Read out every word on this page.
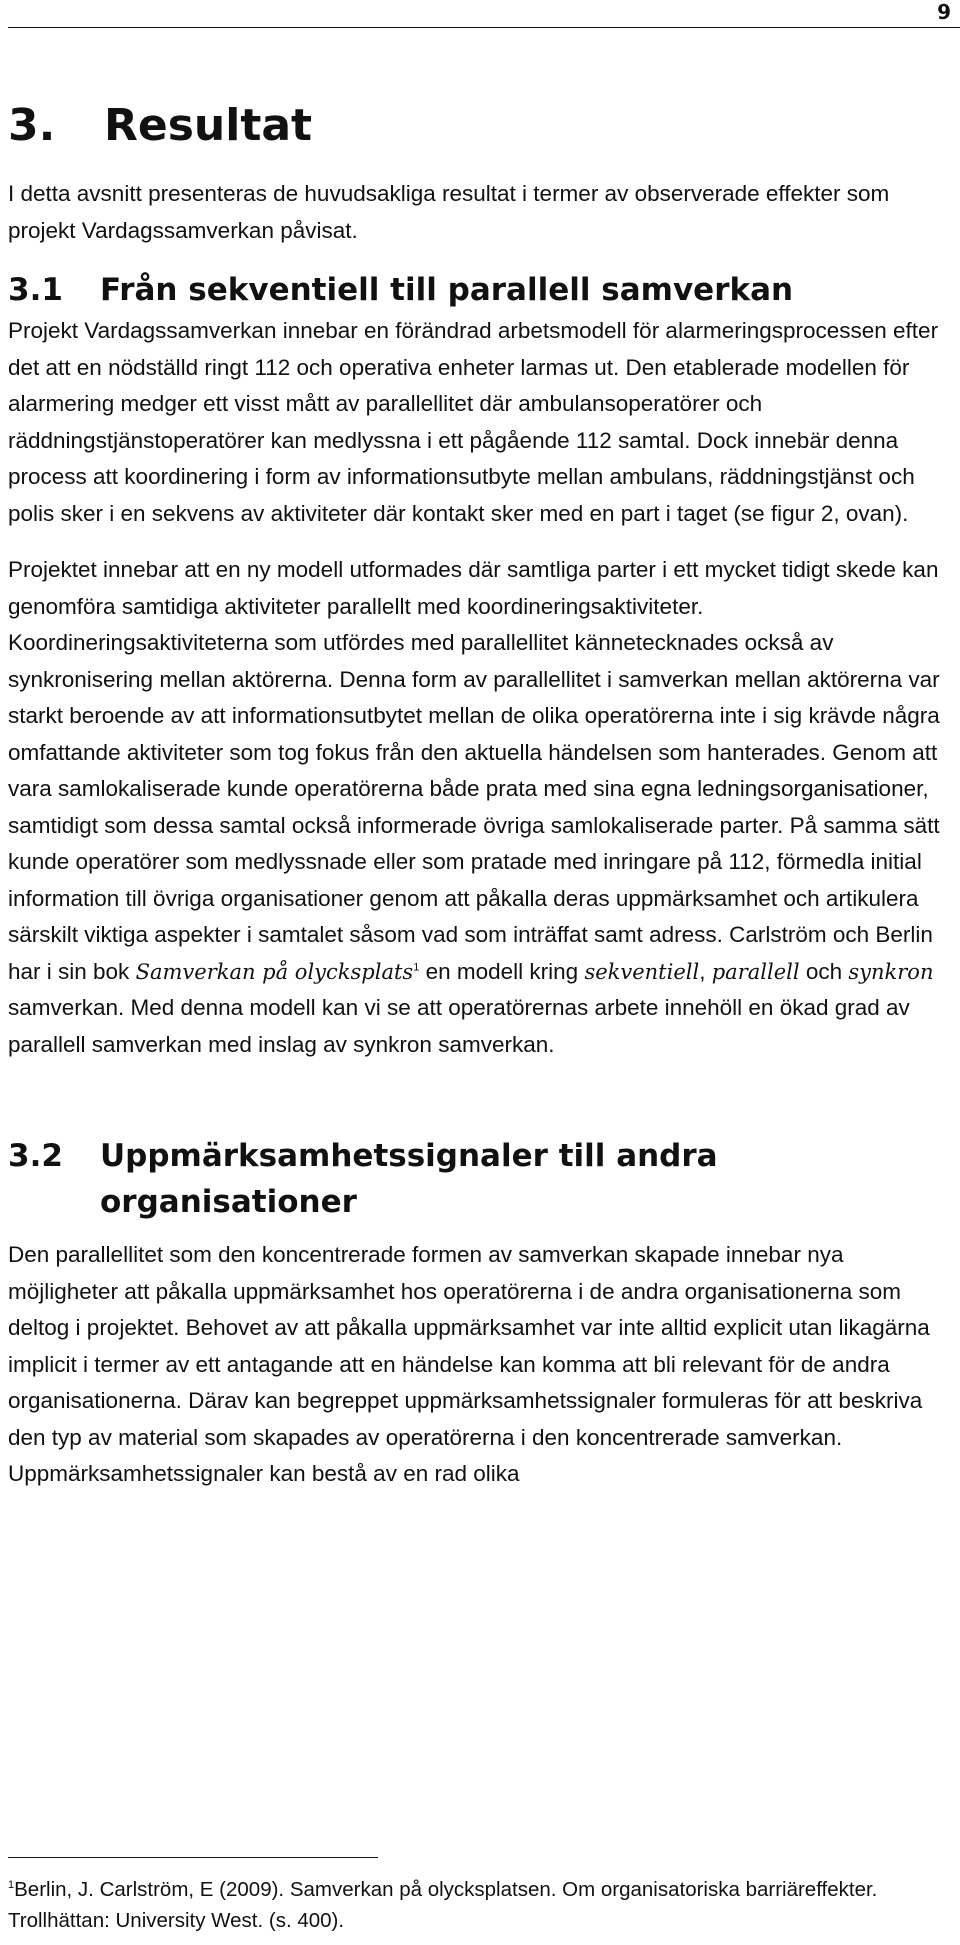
9
3.	Resultat

I detta avsnitt presenteras de huvudsakliga resultat i termer av observerade effekter som projekt Vardagssamverkan påvisat.

3.1	Från sekventiell till parallell samverkan

Projekt Vardagssamverkan innebar en förändrad arbetsmodell för alarmeringsprocessen efter det att en nödställd ringt 112 och operativa enheter larmas ut. Den etablerade modellen för alarmering medger ett visst mått av parallellitet där ambulansoperatörer och räddningstjänstoperatörer kan medlyssna i ett pågående 112 samtal. Dock innebär denna process att koordinering i form av informationsutbyte mellan ambulans, räddningstjänst och polis sker i en sekvens av aktiviteter där kontakt sker med en part i taget (se figur 2, ovan).

Projektet innebar att en ny modell utformades där samtliga parter i ett mycket tidigt skede kan genomföra samtidiga aktiviteter parallellt med koordineringsaktiviteter. Koordineringsaktiviteterna som utfördes med parallellitet kännetecknades också av synkronisering mellan aktörerna. Denna form av parallellitet i samverkan mellan aktörerna var starkt beroende av att informationsutbytet mellan de olika operatörerna inte i sig krävde några omfattande aktiviteter som tog fokus från den aktuella händelsen som hanterades. Genom att vara samlokaliserade kunde operatörerna både prata med sina egna ledningsorganisationer, samtidigt som dessa samtal också informerade övriga samlokaliserade parter. På samma sätt kunde operatörer som medlyssnade eller som pratade med inringare på 112, förmedla initial information till övriga organisationer genom att påkalla deras uppmärksamhet och artikulera särskilt viktiga aspekter i samtalet såsom vad som inträffat samt adress. Carlström och Berlin har i sin bok Samverkan på olycksplats$^1$ en modell kring sekventiell, parallell och synkron samverkan. Med denna modell kan vi se att operatörernas arbete innehöll en ökad grad av parallell samverkan med inslag av synkron samverkan.

3.2	Uppmärksamhetssignaler till andra organisationer

Den parallellitet som den koncentrerade formen av samverkan skapade innebar nya möjligheter att påkalla uppmärksamhet hos operatörerna i de andra organisationerna som deltog i projektet. Behovet av att påkalla uppmärksamhet var inte alltid explicit utan likagärna implicit i termer av ett antagande att en händelse kan komma att bli relevant för de andra organisationerna. Därav kan begreppet uppmärksamhetssignaler formuleras för att beskriva den typ av material som skapades av operatörerna i den koncentrerade samverkan. Uppmärksamhetssignaler kan bestå av en rad olika

$^1$Berlin, J. Carlström, E (2009). Samverkan på olycksplatsen. Om organisatoriska barriäreffekter. Trollhättan: University West. (s. 400).
